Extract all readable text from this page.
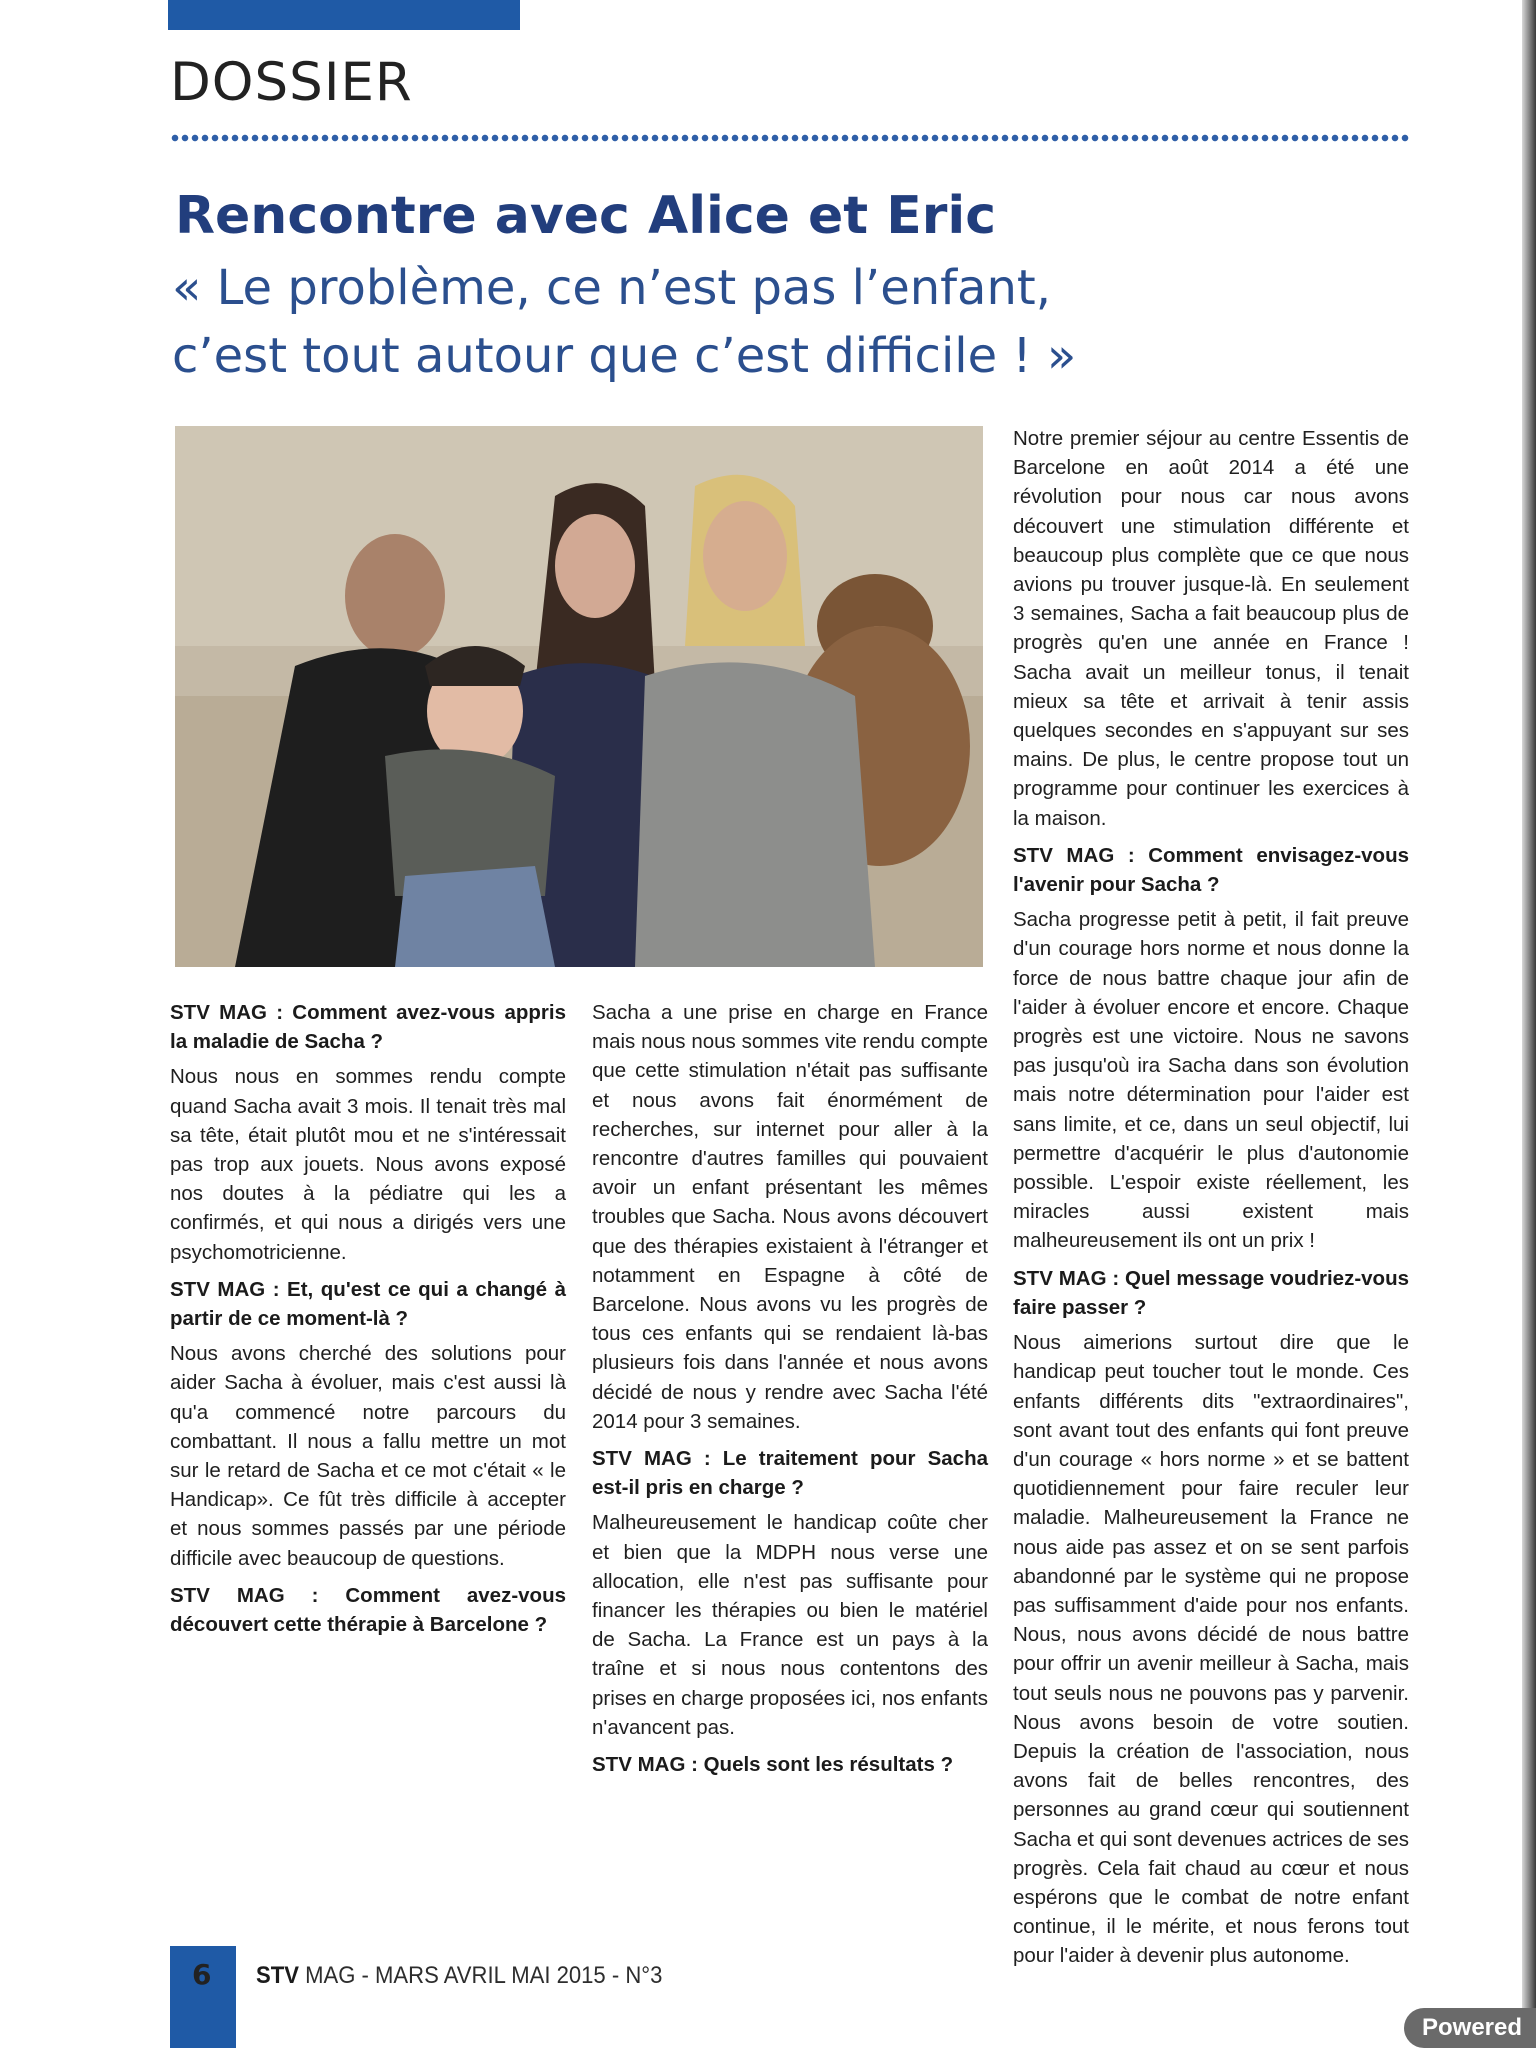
DOSSIER
Rencontre avec Alice et Eric
« Le problème, ce n’est pas l’enfant,
c’est tout autour que c’est difficile ! »

STV MAG : Comment avez-vous appris la maladie de Sacha ?

Nous nous en sommes rendu compte quand Sacha avait 3 mois. Il tenait très mal sa tête, était plutôt mou et ne s'intéressait pas trop aux jouets. Nous avons exposé nos doutes à la pédiatre qui les a confirmés, et qui nous a dirigés vers une psychomotricienne.

STV MAG : Et, qu'est ce qui a changé à partir de ce moment-là ?

Nous avons cherché des solutions pour aider Sacha à évoluer, mais c'est aussi là qu'a commencé notre parcours du combattant. Il nous a fallu mettre un mot sur le retard de Sacha et ce mot c'était « le Handicap». Ce fût très difficile à accepter et nous sommes passés par une période difficile avec beaucoup de questions.

STV MAG : Comment avez-vous découvert cette thérapie à Barcelone ?

Sacha a une prise en charge en France mais nous nous sommes vite rendu compte que cette stimulation n'était pas suffisante et nous avons fait énormément de recherches, sur internet pour aller à la rencontre d'autres familles qui pouvaient avoir un enfant présentant les mêmes troubles que Sacha. Nous avons découvert que des thérapies existaient à l'étranger et notamment en Espagne à côté de Barcelone. Nous avons vu les progrès de tous ces enfants qui se rendaient là-bas plusieurs fois dans l'année et nous avons décidé de nous y rendre avec Sacha l'été 2014 pour 3 semaines.

STV MAG : Le traitement pour Sacha est-il pris en charge ?

Malheureusement le handicap coûte cher et bien que la MDPH nous verse une allocation, elle n'est pas suffisante pour financer les thérapies ou bien le matériel de Sacha. La France est un pays à la traîne et si nous nous contentons des prises en charge proposées ici, nos enfants n'avancent pas.

STV MAG : Quels sont les résultats ?

Notre premier séjour au centre Essentis de Barcelone en août 2014 a été une révolution pour nous car nous avons découvert une stimulation différente et beaucoup plus complète que ce que nous avions pu trouver jusque-là. En seulement 3 semaines, Sacha a fait beaucoup plus de progrès qu'en une année en France ! Sacha avait un meilleur tonus, il tenait mieux sa tête et arrivait à tenir assis quelques secondes en s'appuyant sur ses mains. De plus, le centre propose tout un programme pour continuer les exercices à la maison.

STV MAG : Comment envisagez-vous l'avenir pour Sacha ?

Sacha progresse petit à petit, il fait preuve d'un courage hors norme et nous donne la force de nous battre chaque jour afin de l'aider à évoluer encore et encore. Chaque progrès est une victoire. Nous ne savons pas jusqu'où ira Sacha dans son évolution mais notre détermination pour l'aider est sans limite, et ce, dans un seul objectif, lui permettre d'acquérir le plus d'autonomie possible. L'espoir existe réellement, les miracles aussi existent mais malheureusement ils ont un prix !

STV MAG : Quel message voudriez-vous faire passer ?

Nous aimerions surtout dire que le handicap peut toucher tout le monde. Ces enfants différents dits "extraordinaires", sont avant tout des enfants qui font preuve d'un courage « hors norme » et se battent quotidiennement pour faire reculer leur maladie. Malheureusement la France ne nous aide pas assez et on se sent parfois abandonné par le système qui ne propose pas suffisamment d'aide pour nos enfants. Nous, nous avons décidé de nous battre pour offrir un avenir meilleur à Sacha, mais tout seuls nous ne pouvons pas y parvenir. Nous avons besoin de votre soutien. Depuis la création de l'association, nous avons fait de belles rencontres, des personnes au grand cœur qui soutiennent Sacha et qui sont devenues actrices de ses progrès. Cela fait chaud au cœur et nous espérons que le combat de notre enfant continue, il le mérite, et nous ferons tout pour l'aider à devenir plus autonome.

6 STV MAG - MARS AVRIL MAI 2015 - N°3
Powered
